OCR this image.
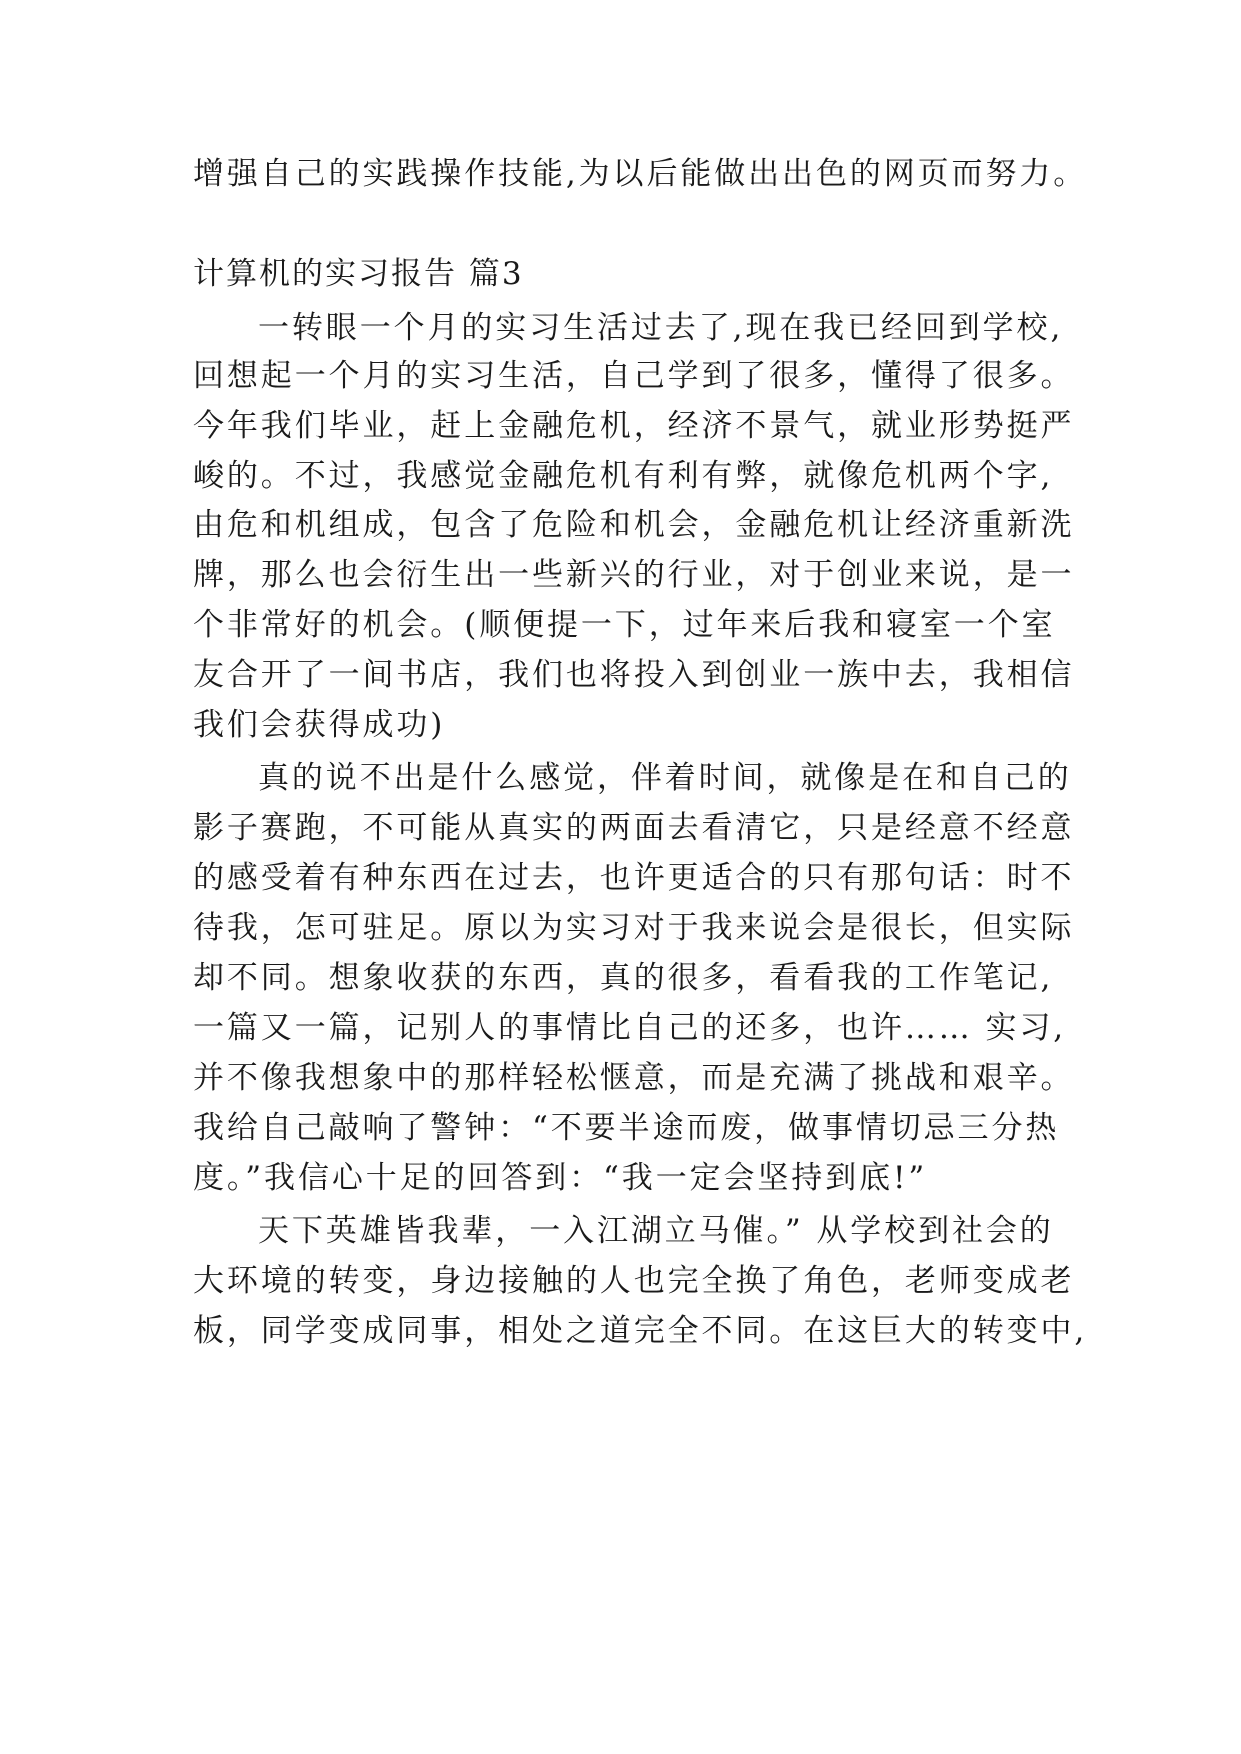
增强自己的实践操作技能,为以后能做出出色的网页而努力。
计算机的实习报告 篇3
一转眼一个月的实习生活过去了,现在我已经回到学校,
回想起一个月的实习生活，自己学到了很多，懂得了很多。
今年我们毕业，赶上金融危机，经济不景气，就业形势挺严
峻的。不过，我感觉金融危机有利有弊，就像危机两个字,
由危和机组成，包含了危险和机会，金融危机让经济重新洗
牌，那么也会衍生出一些新兴的行业，对于创业来说，是一
个非常好的机会。(顺便提一下，过年来后我和寝室一个室
友合开了一间书店，我们也将投入到创业一族中去，我相信
我们会获得成功)
真的说不出是什么感觉，伴着时间，就像是在和自己的
影子赛跑，不可能从真实的两面去看清它，只是经意不经意
的感受着有种东西在过去，也许更适合的只有那句话：时不
待我，怎可驻足。原以为实习对于我来说会是很长，但实际
却不同。想象收获的东西，真的很多，看看我的工作笔记,
一篇又一篇，记别人的事情比自己的还多，也许…… 实习,
并不像我想象中的那样轻松惬意，而是充满了挑战和艰辛。
我给自己敲响了警钟：“不要半途而废，做事情切忌三分热
度。”我信心十足的回答到：“我一定会坚持到底!”
天下英雄皆我辈，一入江湖立马催。” 从学校到社会的
大环境的转变，身边接触的人也完全换了角色，老师变成老
板，同学变成同事，相处之道完全不同。在这巨大的转变中,
